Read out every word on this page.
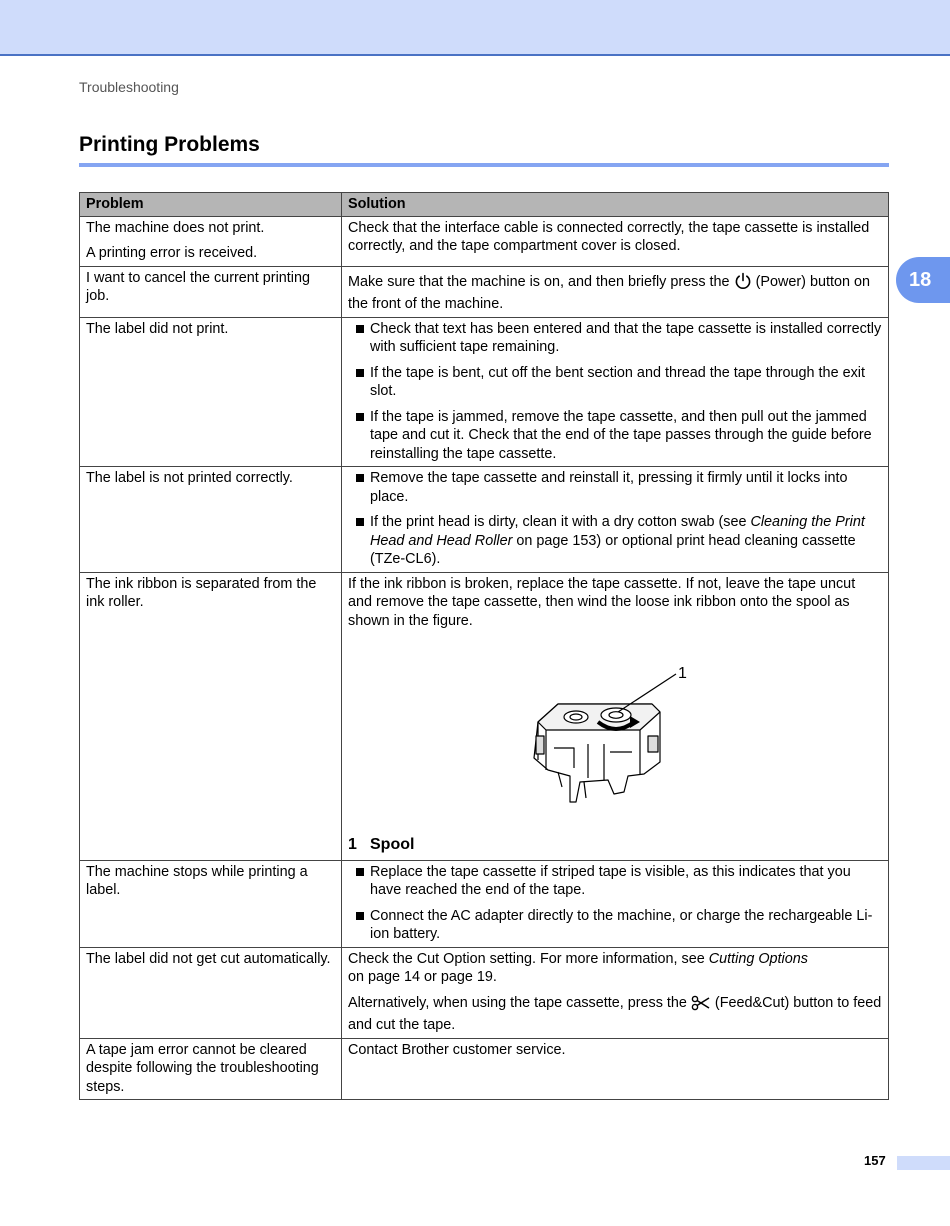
Troubleshooting
18
Printing Problems
Problem	Solution

The machine does not print.
A printing error is received.	Check that the interface cable is connected correctly, the tape cassette is installed correctly, and the tape compartment cover is closed.

I want to cancel the current printing job.	Make sure that the machine is on, and then briefly press the (Power) button on the front of the machine.

The label did not print.	Check that text has been entered and that the tape cassette is installed correctly with sufficient tape remaining.
If the tape is bent, cut off the bent section and thread the tape through the exit slot.
If the tape is jammed, remove the tape cassette, and then pull out the jammed tape and cut it. Check that the end of the tape passes through the guide before reinstalling the tape cassette.

The label is not printed correctly.	Remove the tape cassette and reinstall it, pressing it firmly until it locks into place.
If the print head is dirty, clean it with a dry cotton swab (see Cleaning the Print Head and Head Roller on page 153) or optional print head cleaning cassette (TZe-CL6).

The ink ribbon is separated from the ink roller.	If the ink ribbon is broken, replace the tape cassette. If not, leave the tape uncut and remove the tape cassette, then wind the loose ink ribbon onto the spool as shown in the figure.
1
1 Spool

The machine stops while printing a label.	Replace the tape cassette if striped tape is visible, as this indicates that you have reached the end of the tape.
Connect the AC adapter directly to the machine, or charge the rechargeable Li-ion battery.

The label did not get cut automatically.	Check the Cut Option setting. For more information, see Cutting Options
on page 14 or page 19.
Alternatively, when using the tape cassette, press the (Feed&Cut) button to feed and cut the tape.

A tape jam error cannot be cleared despite following the troubleshooting steps.	Contact Brother customer service.
157
